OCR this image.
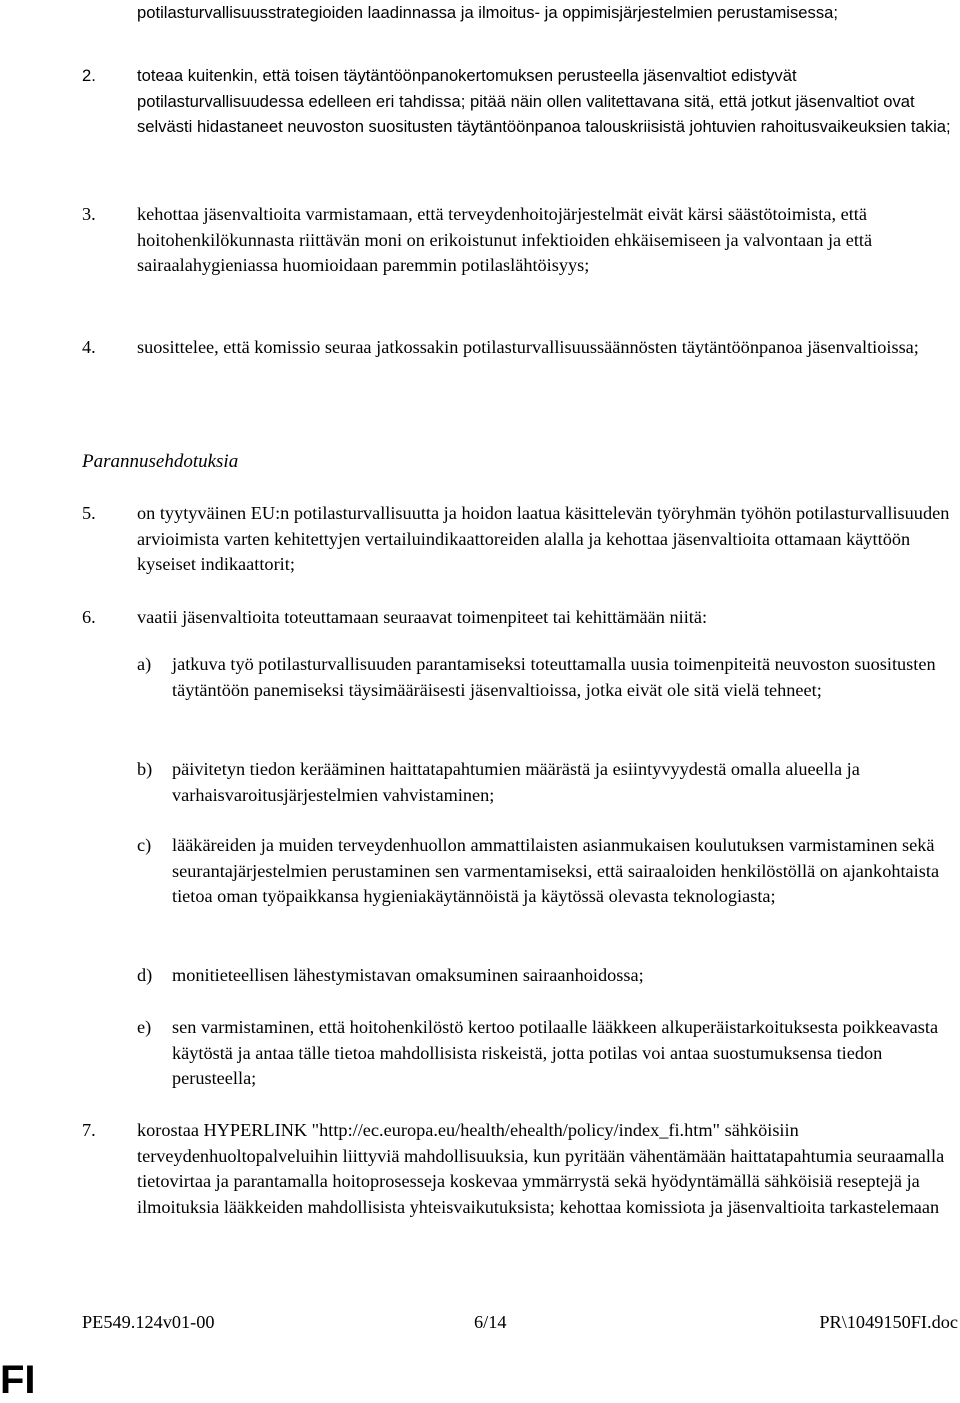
potilasturvallisuusstrategioiden laadinnassa ja ilmoitus- ja oppimisjärjestelmien perustamisessa;
2. toteaa kuitenkin, että toisen täytäntöönpanokertomuksen perusteella jäsenvaltiot edistyvät potilasturvallisuudessa edelleen eri tahdissa; pitää näin ollen valitettavana sitä, että jotkut jäsenvaltiot ovat selvästi hidastaneet neuvoston suositusten täytäntöönpanoa talouskriisistä johtuvien rahoitusvaikeuksien takia;
3. kehottaa jäsenvaltioita varmistamaan, että terveydenhoitojärjestelmät eivät kärsi säästötoimista, että hoitohenkilökunnasta riittävän moni on erikoistunut infektioiden ehkäisemiseen ja valvontaan ja että sairaalahygieniassa huomioidaan paremmin potilaslähtöisyys;
4. suosittelee, että komissio seuraa jatkossakin potilasturvallisuussäännösten täytäntöönpanoa jäsenvaltioissa;
Parannusehdotuksia
5. on tyytyväinen EU:n potilasturvallisuutta ja hoidon laatua käsittelevän työryhmän työhön potilasturvallisuuden arvioimista varten kehitettyjen vertailuindikaattoreiden alalla ja kehottaa jäsenvaltioita ottamaan käyttöön kyseiset indikaattorit;
6. vaatii jäsenvaltioita toteuttamaan seuraavat toimenpiteet tai kehittämään niitä:
a) jatkuva työ potilasturvallisuuden parantamiseksi toteuttamalla uusia toimenpiteitä neuvoston suositusten täytäntöön panemiseksi täysimääräisesti jäsenvaltioissa, jotka eivät ole sitä vielä tehneet;
b) päivitetyn tiedon kerääminen haittatapahtumien määrästä ja esiintyvyydestä omalla alueella ja varhaisvaroitusjärjestelmien vahvistaminen;
c) lääkäreiden ja muiden terveydenhuollon ammattilaisten asianmukaisen koulutuksen varmistaminen sekä seurantajärjestelmien perustaminen sen varmentamiseksi, että sairaaloiden henkilöstöllä on ajankohtaista tietoa oman työpaikkansa hygieniakäytännöistä ja käytössä olevasta teknologiasta;
d) monitieteellisen lähestymistavan omaksuminen sairaanhoidossa;
e) sen varmistaminen, että hoitohenkilöstö kertoo potilaalle lääkkeen alkuperäistarkoituksesta poikkeavasta käytöstä ja antaa tälle tietoa mahdollisista riskeistä, jotta potilas voi antaa suostumuksensa tiedon perusteella;
7. korostaa HYPERLINK "http://ec.europa.eu/health/ehealth/policy/index_fi.htm" sähköisiin terveydenhuoltopalveluihin liittyviä mahdollisuuksia, kun pyritään vähentämään haittatapahtumia seuraamalla tietovirtaa ja parantamalla hoitoprosesseja koskevaa ymmärrystä sekä hyödyntämällä sähköisiä reseptejä ja ilmoituksia lääkkeiden mahdollisista yhteisvaikutuksista; kehottaa komissiota ja jäsenvaltioita tarkastelemaan
PE549.124v01-00	6/14	PR\1049150FI.doc
FI
